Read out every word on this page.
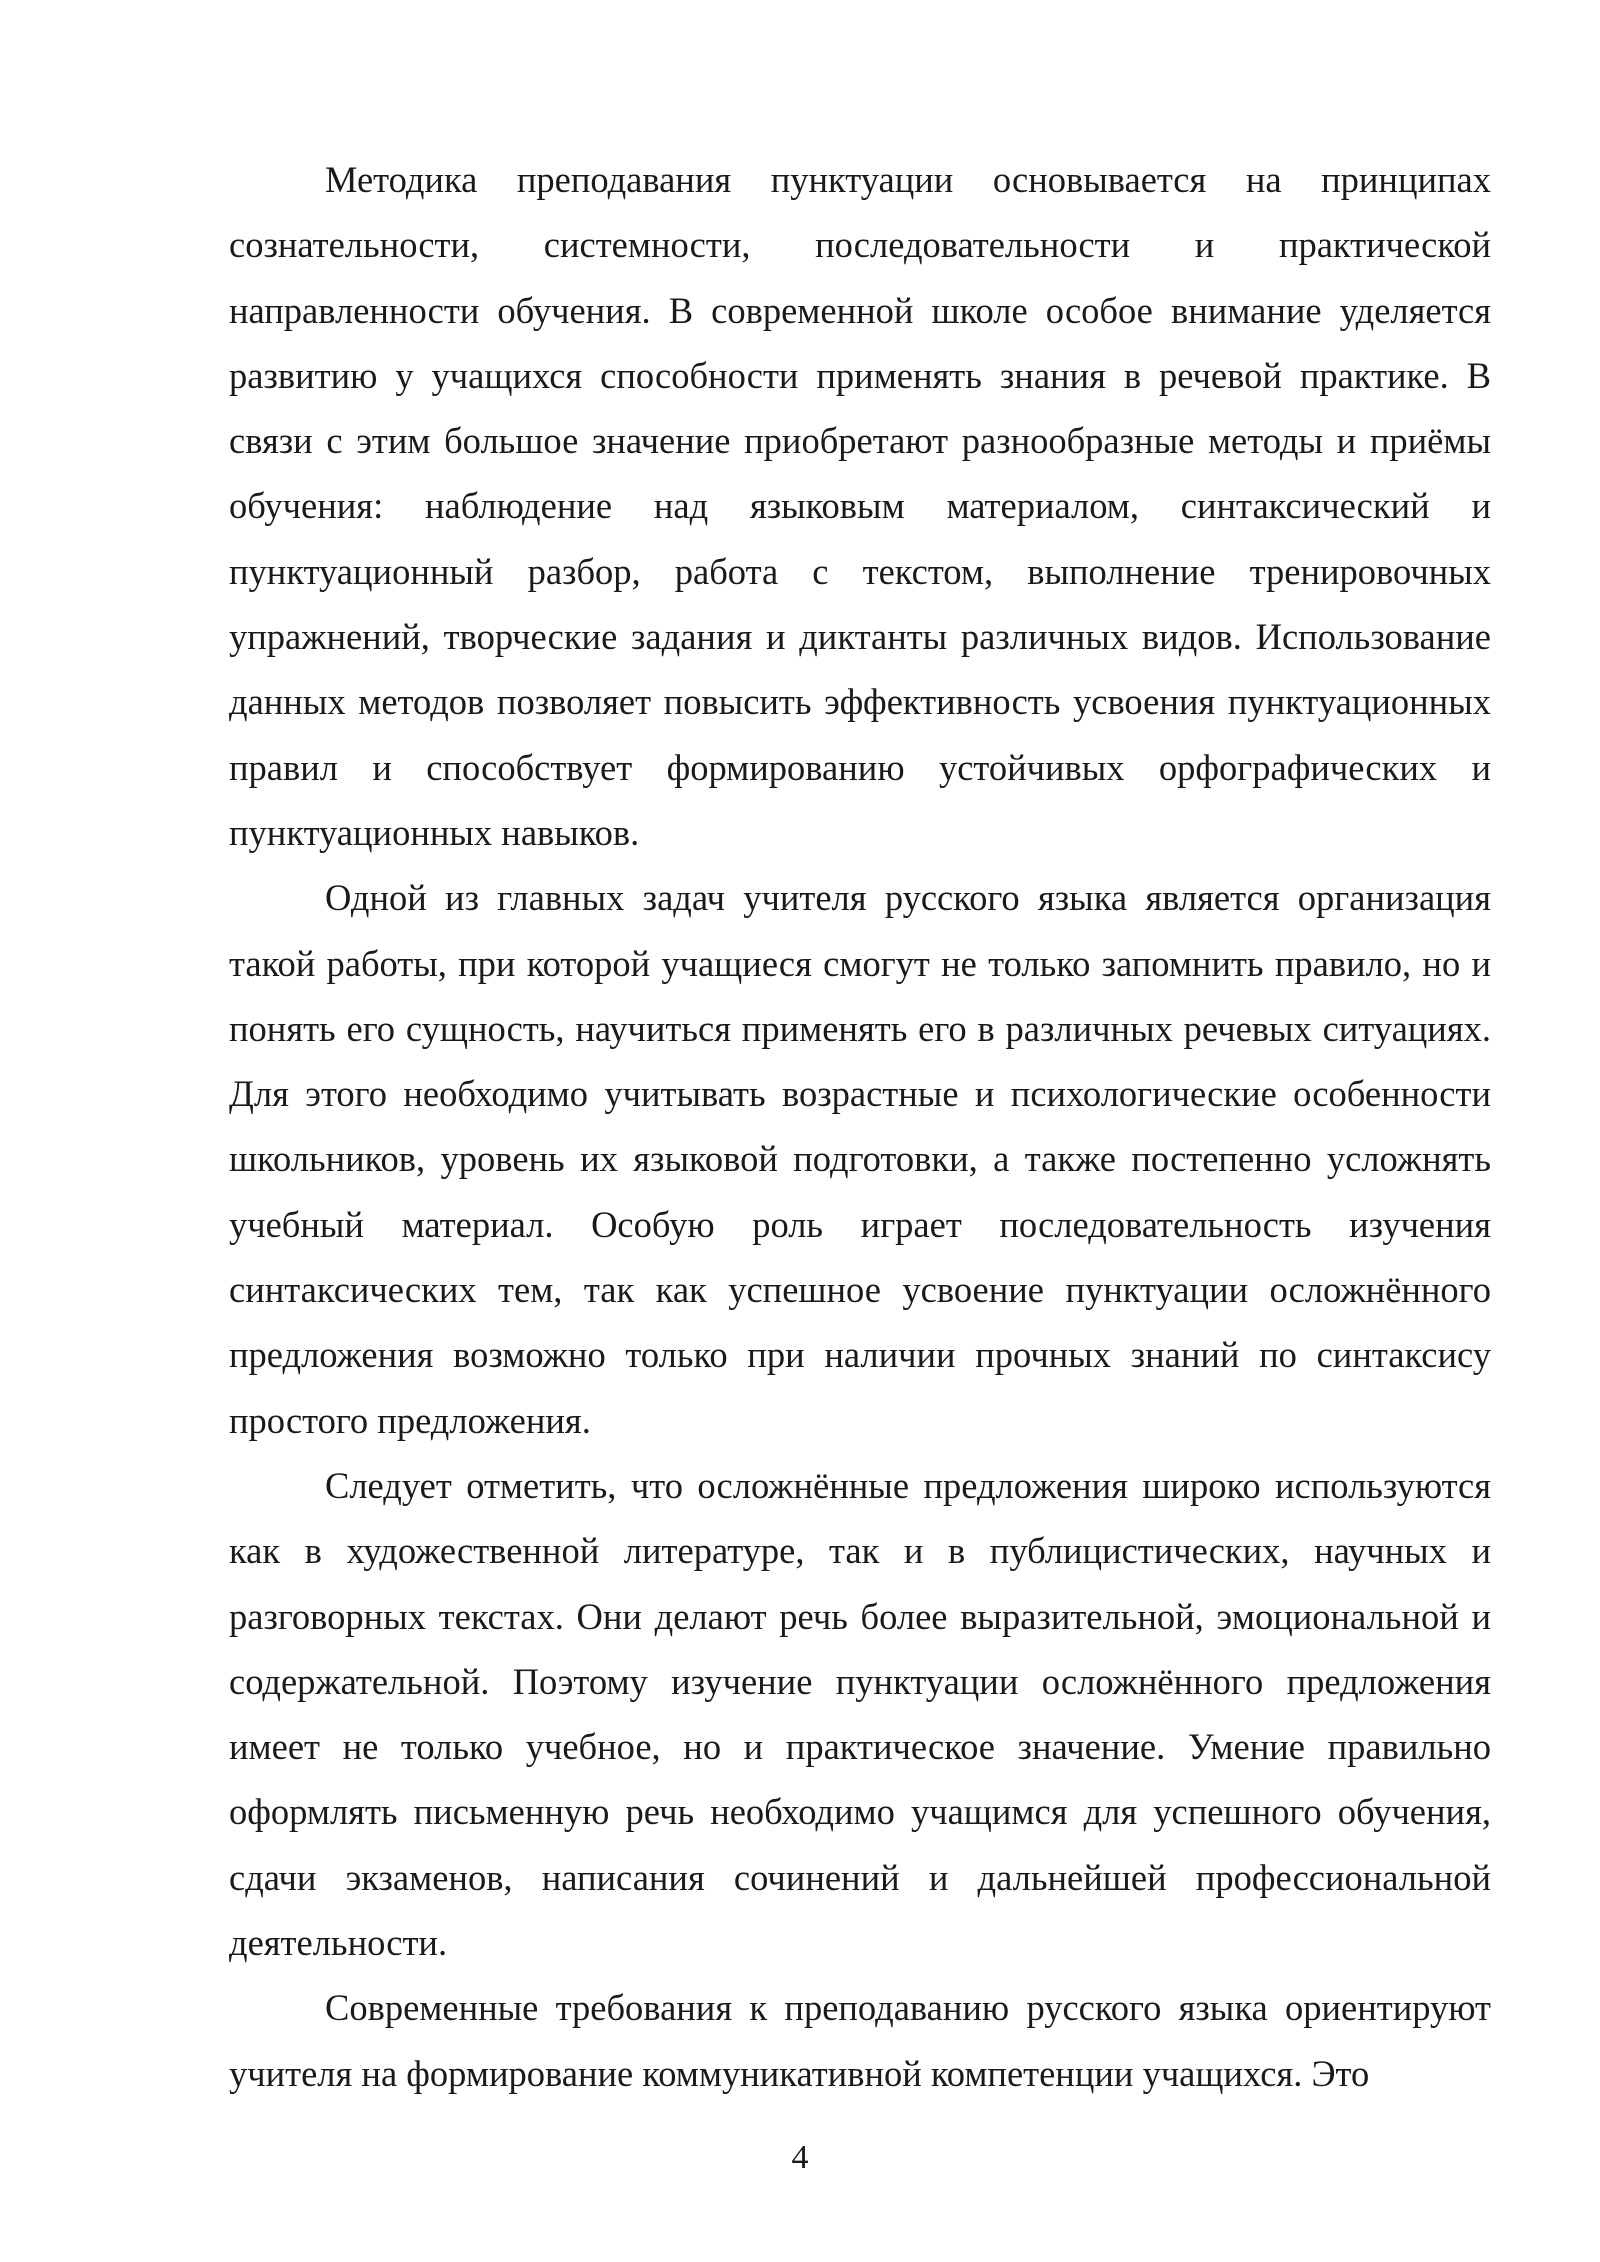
Методика преподавания пунктуации основывается на принципах сознательности, системности, последовательности и практической направленности обучения. В современной школе особое внимание уделяется развитию у учащихся способности применять знания в речевой практике. В связи с этим большое значение приобретают разнообразные методы и приёмы обучения: наблюдение над языковым материалом, синтаксический и пунктуационный разбор, работа с текстом, выполнение тренировочных упражнений, творческие задания и диктанты различных видов. Использование данных методов позволяет повысить эффективность усвоения пунктуационных правил и способствует формированию устойчивых орфографических и пунктуационных навыков.

Одной из главных задач учителя русского языка является организация такой работы, при которой учащиеся смогут не только запомнить правило, но и понять его сущность, научиться применять его в различных речевых ситуациях. Для этого необходимо учитывать возрастные и психологические особенности школьников, уровень их языковой подготовки, а также постепенно усложнять учебный материал. Особую роль играет последовательность изучения синтаксических тем, так как успешное усвоение пунктуации осложнённого предложения возможно только при наличии прочных знаний по синтаксису простого предложения.

Следует отметить, что осложнённые предложения широко используются как в художественной литературе, так и в публицистических, научных и разговорных текстах. Они делают речь более выразительной, эмоциональной и содержательной. Поэтому изучение пунктуации осложнённого предложения имеет не только учебное, но и практическое значение. Умение правильно оформлять письменную речь необходимо учащимся для успешного обучения, сдачи экзаменов, написания сочинений и дальнейшей профессиональной деятельности.

Современные требования к преподаванию русского языка ориентируют учителя на формирование коммуникативной компетенции учащихся. Это

4
